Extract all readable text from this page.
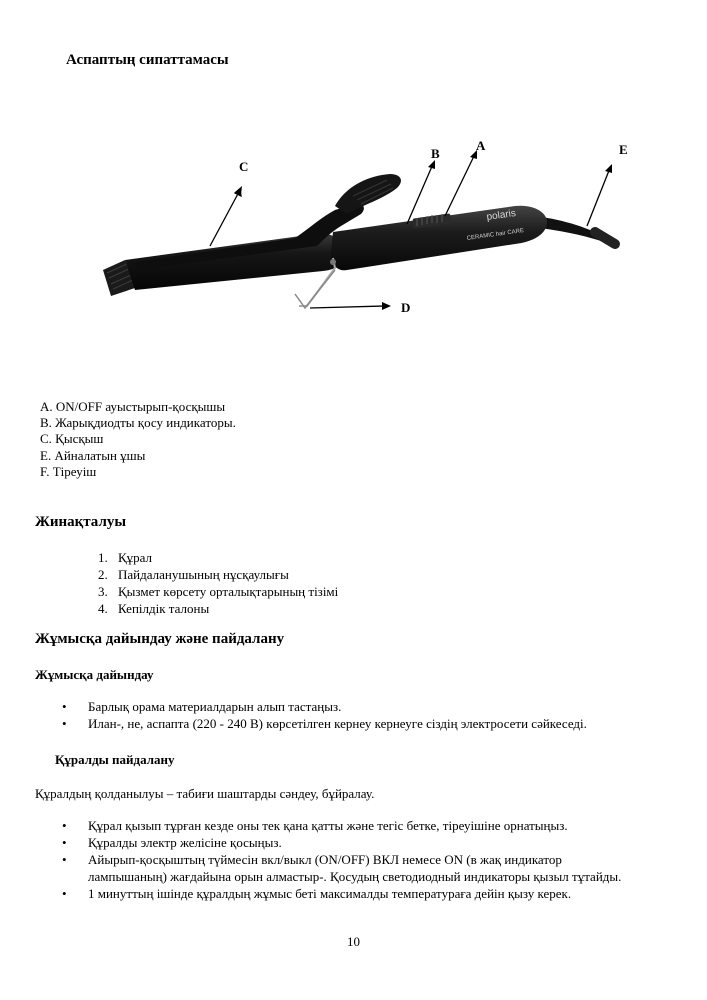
Аспаптың сипаттамасы
polaris
CERAMIC hair CARE
C
B
A	E
D
A. ON/OFF ауыстырып-қосқышы
B. Жарықдиодты қосу индикаторы.
C. Қысқыш
E. Айналатын ұшы
F. Тіреуіш
Жинақталуы
1. Құрал
2. Пайдаланушының нұсқаулығы
3. Қызмет көрсету орталықтарының тізімі
4. Кепілдік талоны
Жұмысқа дайындау және пайдалану
Жұмысқа дайындау
• Барлық орама материалдарын алып тастаңыз.
• Илан-, не, аспапта (220 - 240 В) көрсетілген кернеу кернеугe сіздің электросети сәйкеседі.
Құралды пайдалану
Құралдың қолданылуы – табиғи шаштарды сәндеу, бұйралау.
• Құрал қызып тұрған кезде оны тек қана қатты және тегіс бетке, тіреуішіне орнатыңыз.
• Құралды электр желісіне қосыңыз.
• Айырып-қосқыштың түймесін вкл/выкл (ON/OFF) ВКЛ немесе ON (в жақ индикатор лампышаның) жағдайына орын алмастыр-. Қосудың светодиодный индикаторы қызыл тұтайды.
• 1 минуттың ішінде құралдың жұмыс беті максималды температураға дейін қызу керек.
10
